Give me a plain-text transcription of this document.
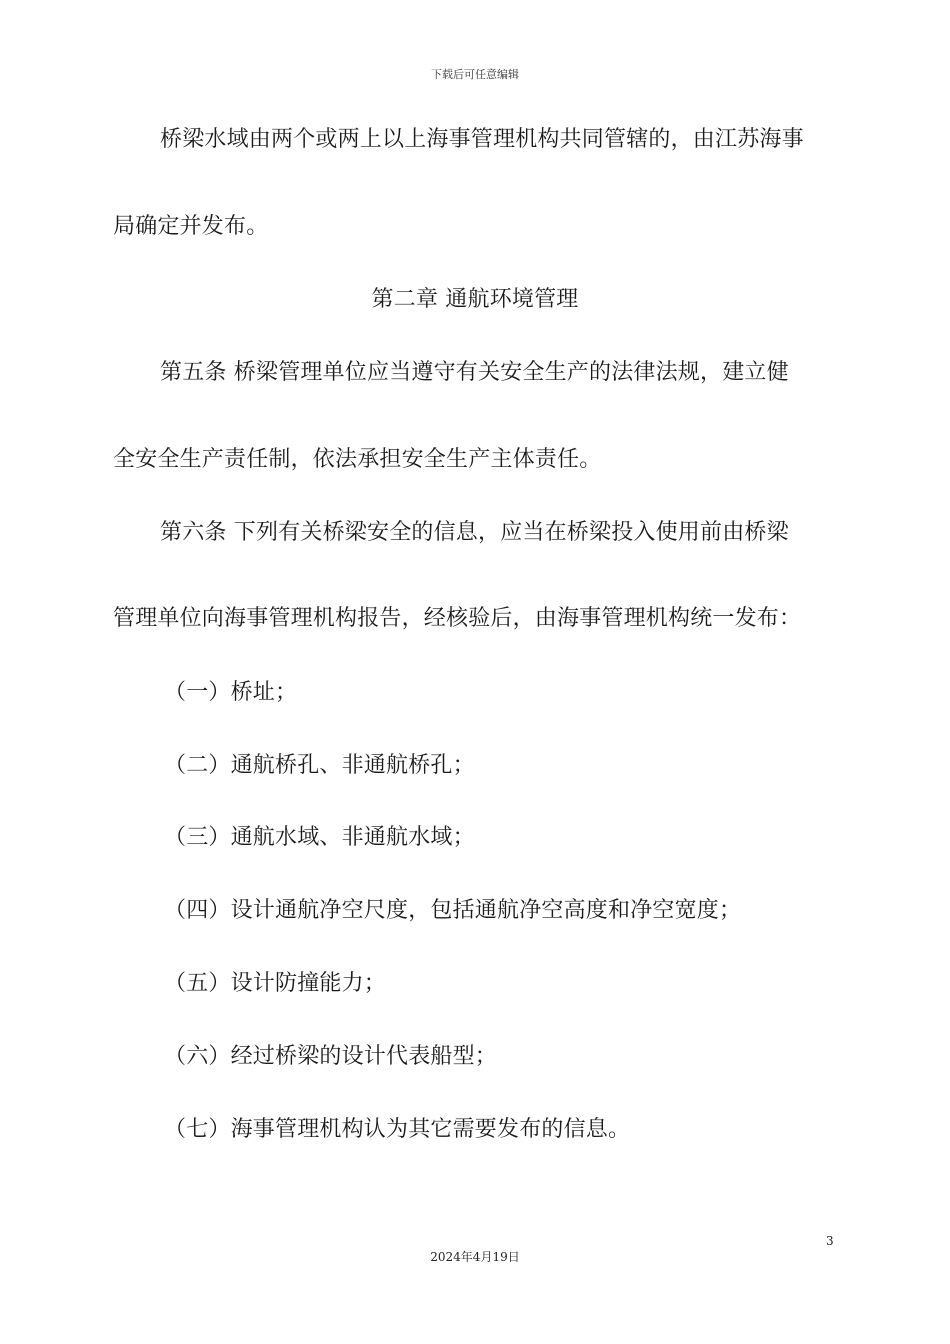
下载后可任意编辑
桥梁水域由两个或两上以上海事管理机构共同管辖的，由江苏海事
局确定并发布。
第二章 通航环境管理
第五条 桥梁管理单位应当遵守有关安全生产的法律法规，建立健
全安全生产责任制，依法承担安全生产主体责任。
第六条 下列有关桥梁安全的信息，应当在桥梁投入使用前由桥梁
管理单位向海事管理机构报告，经核验后，由海事管理机构统一发布：
（一）桥址；
（二）通航桥孔、非通航桥孔；
（三）通航水域、非通航水域；
（四）设计通航净空尺度，包括通航净空高度和净空宽度；
（五）设计防撞能力；
（六）经过桥梁的设计代表船型；
（七）海事管理机构认为其它需要发布的信息。
3
2024年4月19日
